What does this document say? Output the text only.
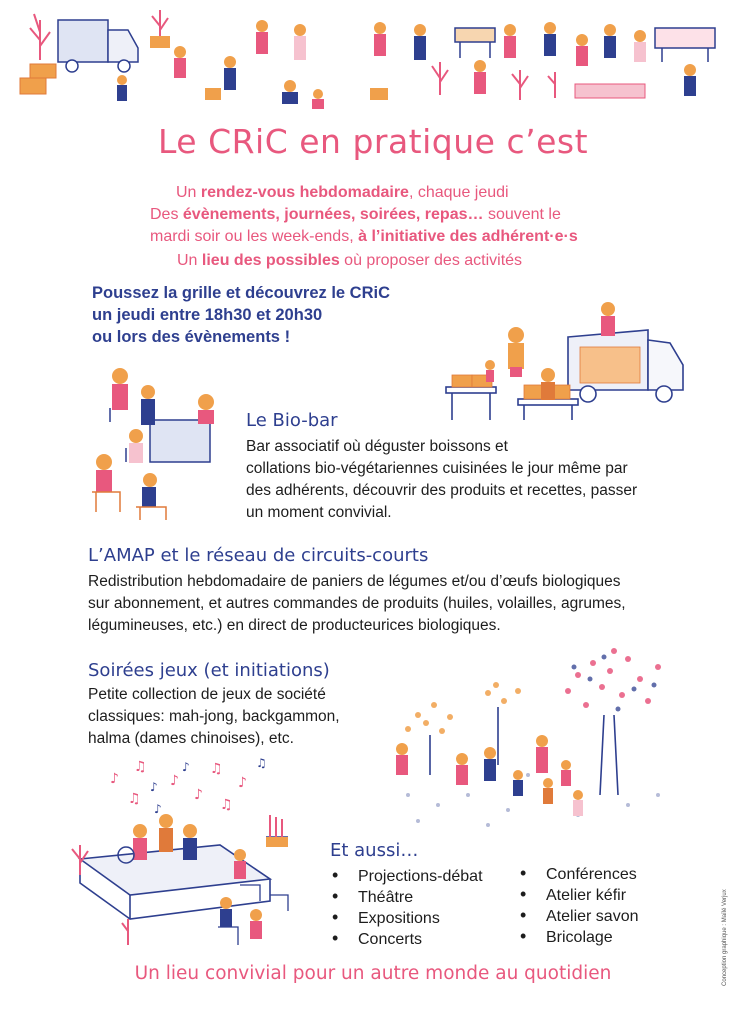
Le CRiC en pratique c’est
Un rendez-vous hebdomadaire, chaque jeudi
Des évènements, journées, soirées, repas… souvent le
mardi soir ou les week-ends, à l’initiative des adhérent·e·s
Un lieu des possibles où proposer des activités
Poussez la grille et découvrez le CRiC
un jeudi entre 18h30 et 20h30
ou lors des évènements !
Le Bio-bar
Bar associatif où déguster boissons et
collations bio-végétariennes cuisinées le jour même par
des adhérents, découvrir des produits et recettes, passer
un moment convivial.
L’AMAP et le réseau de circuits-courts
Redistribution hebdomadaire de paniers de légumes et/ou d’œufs biologiques
sur abonnement, et autres commandes de produits (huiles, volailles, agrumes,
légumineuses, etc.) en direct de producteurices biologiques.
Soirées jeux (et initiations)
Petite collection de jeux de société
classiques: mah-jong, backgammon,
halma (dames chinoises), etc.
♪
♫
♪
♫
♪
♫	♪
♫
♪
♪	♫
♪
Et aussi…
• Projections-débat
• Théâtre
• Expositions
• Concerts
• Conférences
• Atelier kéfir
• Atelier savon
• Bricolage	Conception graphique : Maïlé Verjux
Un lieu convivial pour un autre monde au quotidien
